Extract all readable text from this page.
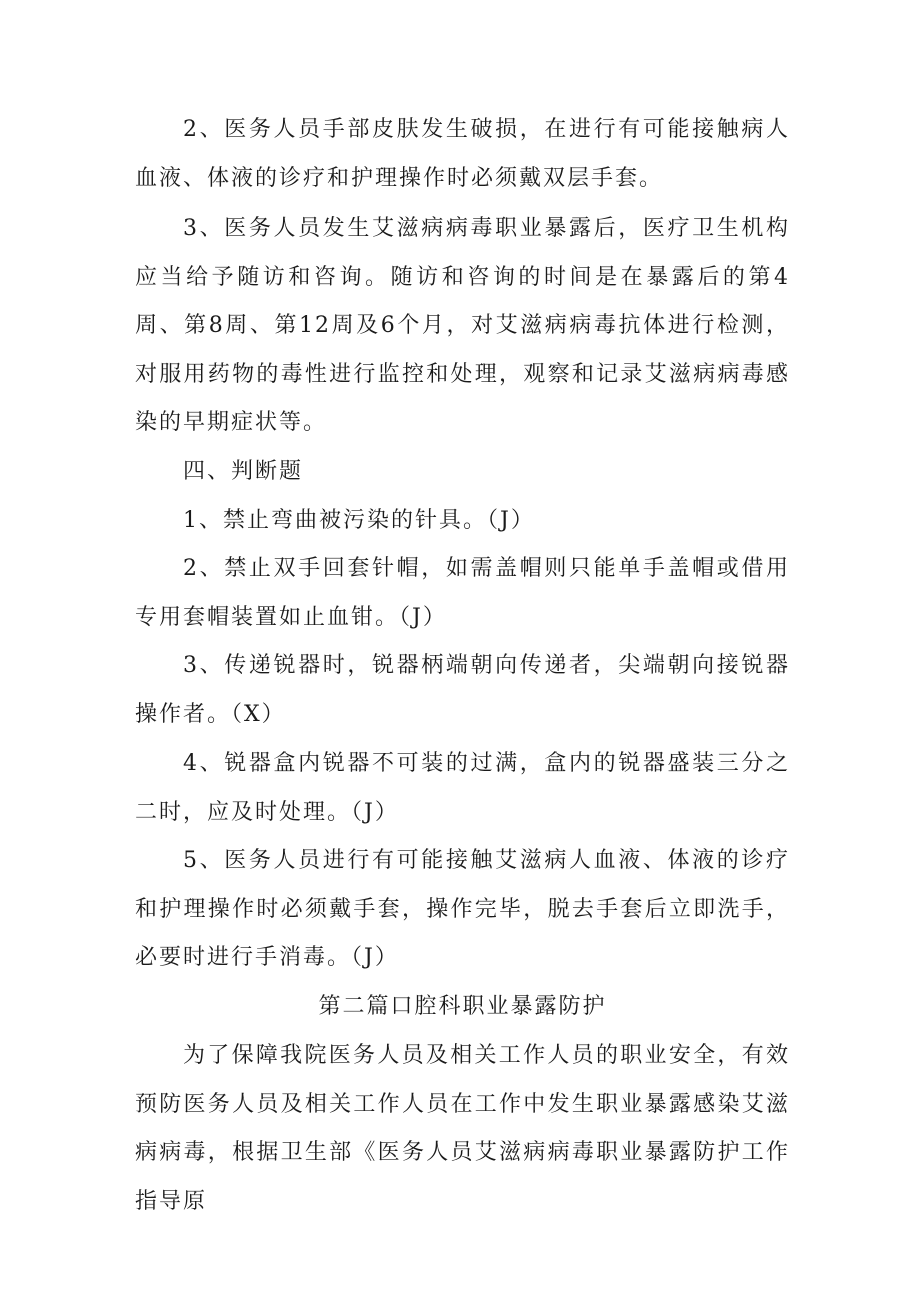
2、医务人员手部皮肤发生破损，在进行有可能接触病人血液、体液的诊疗和护理操作时必须戴双层手套。

3、医务人员发生艾滋病病毒职业暴露后，医疗卫生机构应当给予随访和咨询。随访和咨询的时间是在暴露后的第4周、第8周、第12周及6个月，对艾滋病病毒抗体进行检测，对服用药物的毒性进行监控和处理，观察和记录艾滋病病毒感染的早期症状等。

四、判断题

1、禁止弯曲被污染的针具。（J）

2、禁止双手回套针帽，如需盖帽则只能单手盖帽或借用专用套帽装置如止血钳。（J）

3、传递锐器时，锐器柄端朝向传递者，尖端朝向接锐器操作者。（X）

4、锐器盒内锐器不可装的过满，盒内的锐器盛装三分之二时，应及时处理。（J）

5、医务人员进行有可能接触艾滋病人血液、体液的诊疗和护理操作时必须戴手套，操作完毕，脱去手套后立即洗手，必要时进行手消毒。（J）

第二篇口腔科职业暴露防护

为了保障我院医务人员及相关工作人员的职业安全，有效预防医务人员及相关工作人员在工作中发生职业暴露感染艾滋病病毒，根据卫生部《医务人员艾滋病病毒职业暴露防护工作指导原
